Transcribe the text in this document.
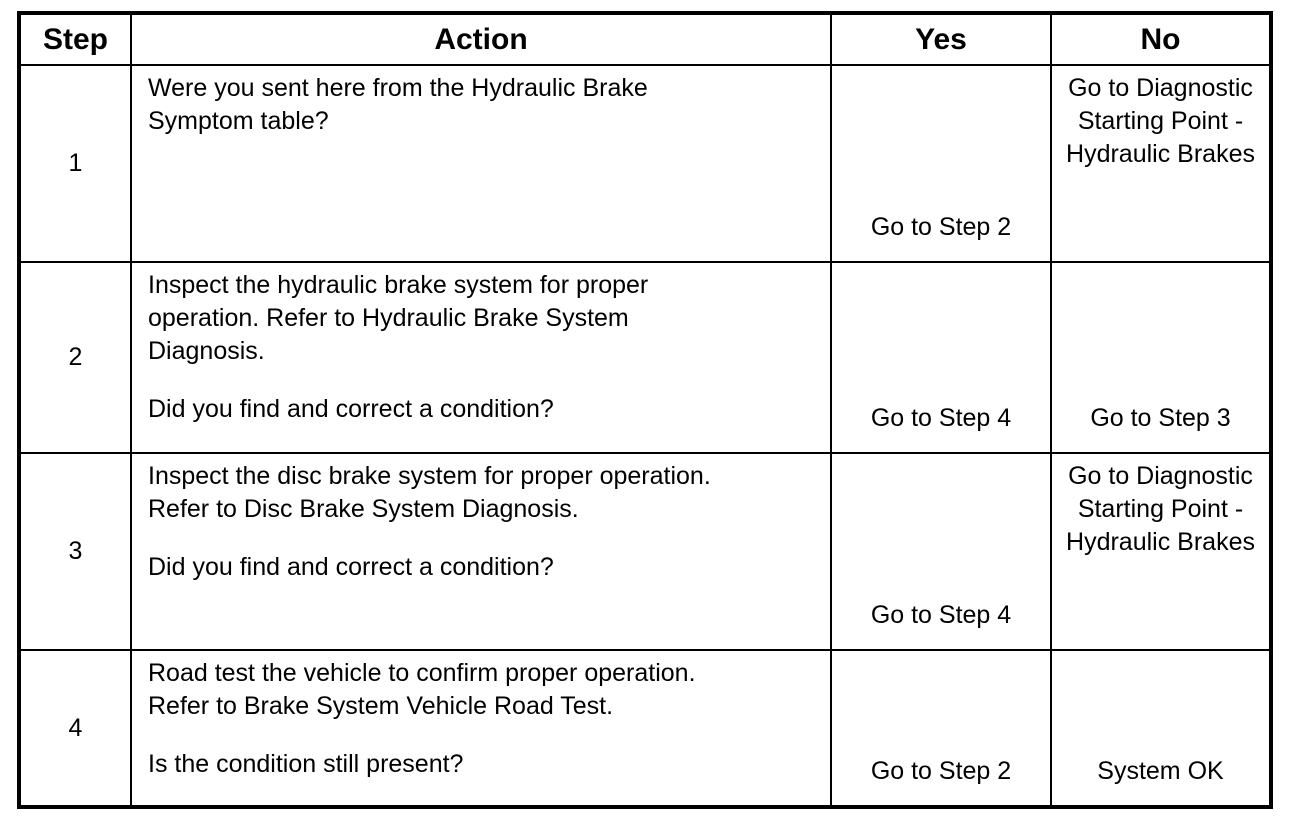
Step	Action	Yes	No
1	Were you sent here from the Hydraulic Brake
Symptom table?	Go to Step 2	Go to Diagnostic Starting Point - Hydraulic Brakes
2	Inspect the hydraulic brake system for proper
operation. Refer to Hydraulic Brake System
Diagnosis.

Did you find and correct a condition?	Go to Step 4	Go to Step 3
3	Inspect the disc brake system for proper operation.
Refer to Disc Brake System Diagnosis.

Did you find and correct a condition?	Go to Step 4	Go to Diagnostic Starting Point - Hydraulic Brakes
4	Road test the vehicle to confirm proper operation.
Refer to Brake System Vehicle Road Test.

Is the condition still present?	Go to Step 2	System OK
